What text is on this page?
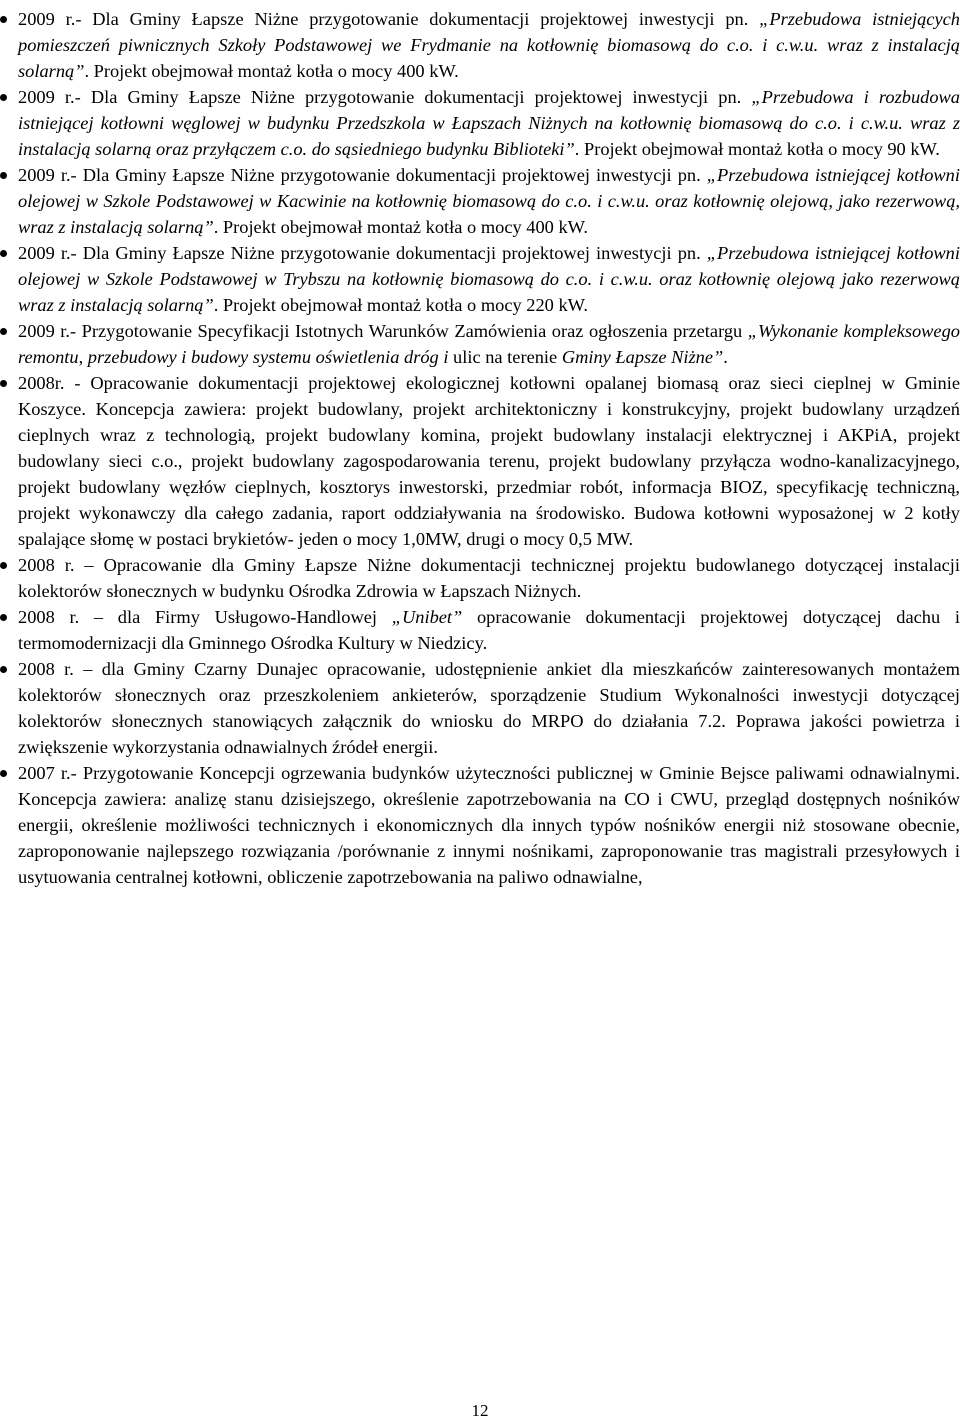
2009 r.- Dla Gminy Łapsze Niżne przygotowanie dokumentacji projektowej inwestycji pn. „Przebudowa istniejących pomieszczeń piwnicznych Szkoły Podstawowej we Frydmanie na kotłownię biomasową do c.o. i c.w.u. wraz z instalacją solarną”. Projekt obejmował montaż kotła o mocy 400 kW.
2009 r.- Dla Gminy Łapsze Niżne przygotowanie dokumentacji projektowej inwestycji pn. „Przebudowa i rozbudowa istniejącej kotłowni węglowej w budynku Przedszkola w Łapszach Niżnych na kotłownię biomasową do c.o. i c.w.u. wraz z instalacją solarną oraz przyłączem c.o. do sąsiedniego budynku Biblioteki”. Projekt obejmował montaż kotła o mocy 90 kW.
2009 r.- Dla Gminy Łapsze Niżne przygotowanie dokumentacji projektowej inwestycji pn. „Przebudowa istniejącej kotłowni olejowej w Szkole Podstawowej w Kacwinie na kotłownię biomasową do c.o. i c.w.u. oraz kotłownię olejową, jako rezerwową, wraz z instalacją solarną”. Projekt obejmował montaż kotła o mocy 400 kW.
2009 r.- Dla Gminy Łapsze Niżne przygotowanie dokumentacji projektowej inwestycji pn. „Przebudowa istniejącej kotłowni olejowej w Szkole Podstawowej w Trybszu na kotłownię biomasową do c.o. i c.w.u. oraz kotłownię olejową jako rezerwową wraz z instalacją solarną”. Projekt obejmował montaż kotła o mocy 220 kW.
2009 r.- Przygotowanie Specyfikacji Istotnych Warunków Zamówienia oraz ogłoszenia przetargu „Wykonanie kompleksowego remontu, przebudowy i budowy systemu oświetlenia dróg i ulic na terenie Gminy Łapsze Niżne”.
2008r. - Opracowanie dokumentacji projektowej ekologicznej kotłowni opalanej biomasą oraz sieci cieplnej w Gminie Koszyce. Koncepcja zawiera: projekt budowlany, projekt architektoniczny i konstrukcyjny, projekt budowlany urządzeń cieplnych wraz z technologią, projekt budowlany komina, projekt budowlany instalacji elektrycznej i AKPiA, projekt budowlany sieci c.o., projekt budowlany zagospodarowania terenu, projekt budowlany przyłącza wodno-kanalizacyjnego, projekt budowlany węzłów cieplnych, kosztorys inwestorski, przedmiar robót, informacja BIOZ, specyfikację techniczną, projekt wykonawczy dla całego zadania, raport oddziaływania na środowisko. Budowa kotłowni wyposażonej w 2 kotły spalające słomę w postaci brykietów- jeden o mocy 1,0MW, drugi o mocy 0,5 MW.
2008 r. – Opracowanie dla Gminy Łapsze Niżne dokumentacji technicznej projektu budowlanego dotyczącej instalacji kolektorów słonecznych w budynku Ośrodka Zdrowia w Łapszach Niżnych.
2008 r. – dla Firmy Usługowo-Handlowej „Unibet” opracowanie dokumentacji projektowej dotyczącej dachu i termomodernizacji dla Gminnego Ośrodka Kultury w Niedzicy.
2008 r. – dla Gminy Czarny Dunajec opracowanie, udostępnienie ankiet dla mieszkańców zainteresowanych montażem kolektorów słonecznych oraz przeszkoleniem ankieterów, sporządzenie Studium Wykonalności inwestycji dotyczącej kolektorów słonecznych stanowiących załącznik do wniosku do MRPO do działania 7.2. Poprawa jakości powietrza i zwiększenie wykorzystania odnawialnych źródeł energii.
2007 r.- Przygotowanie Koncepcji ogrzewania budynków użyteczności publicznej w Gminie Bejsce paliwami odnawialnymi. Koncepcja zawiera: analizę stanu dzisiejszego, określenie zapotrzebowania na CO i CWU, przegląd dostępnych nośników energii, określenie możliwości technicznych i ekonomicznych dla innych typów nośników energii niż stosowane obecnie, zaproponowanie najlepszego rozwiązania /porównanie z innymi nośnikami, zaproponowanie tras magistrali przesyłowych i usytuowania centralnej kotłowni, obliczenie zapotrzebowania na paliwo odnawialne,
12
